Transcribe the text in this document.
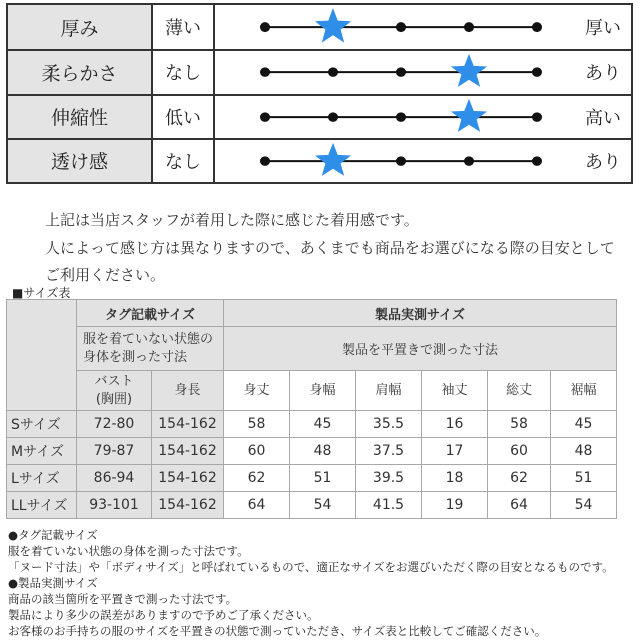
厚み	薄い	厚い
柔らかさ	なし	あり
伸縮性	低い	高い
透け感	なし	あり
上記は当店スタッフが着用した際に感じた着用感です。
人によって感じ方は異なりますので、あくまでも商品をお選びになる際の目安として
ご利用ください。
■サイズ表
	タグ記載サイズ		製品実測サイズ					

	服を着ていない状態の
身体を測った寸法		製品を平置きで測った寸法					

	バスト
(胸囲)	身長	身丈	身幅	肩幅	袖丈	総丈	裾幅
Sサイズ	72-80	154-162	58	45	35.5	16	58	45
Mサイズ	79-87	154-162	60	48	37.5	17	60	48
Lサイズ	86-94	154-162	62	51	39.5	18	62	51
LLサイズ	93-101	154-162	64	54	41.5	19	64	54
●タグ記載サイズ
服を着ていない状態の身体を測った寸法です。
「ヌード寸法」や「ボディサイズ」と呼ばれているもので、適正なサイズをお選びいただく際の目安となるものです。
●製品実測サイズ
商品の該当箇所を平置きで測った寸法です。
製品により多少の誤差がありますので予めご了承ください。
お客様のお手持ちの服のサイズを平置きの状態で測っていただき、サイズ表と比較してご確認ください。
